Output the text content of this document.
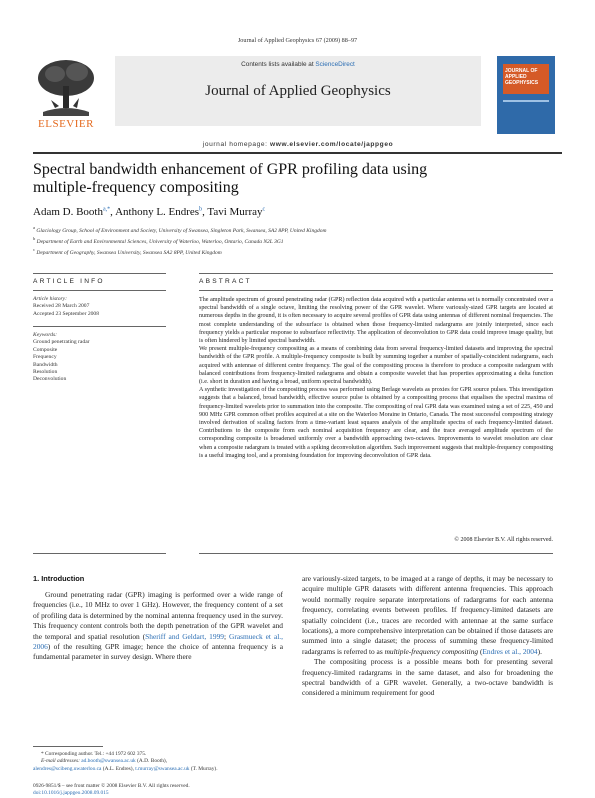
Journal of Applied Geophysics 67 (2009) 88–97
ELSEVIER
Contents lists available at ScienceDirect
Journal of Applied Geophysics
journal homepage: www.elsevier.com/locate/jappgeo
JOURNAL OF
APPLIED
GEOPHYSICS
Spectral bandwidth enhancement of GPR profiling data using
multiple-frequency compositing
Adam D. Booth$^{a,*}$, Anthony L. Endres$^b$, Tavi Murray$^c$
$^a$ Glaciology Group, School of Environment and Society, University of Swansea, Singleton Park, Swansea, SA2 8PP, United Kingdom
$^b$ Department of Earth and Environmental Sciences, University of Waterloo, Waterloo, Ontario, Canada N2L 3G1
$^c$ Department of Geography, Swansea University, Swansea SA2 8PP, United Kingdom
ARTICLE INFO
Article history:
Received 28 March 2007
Accepted 23 September 2008
Keywords:
Ground penetrating radar
Composite
Frequency
Bandwidth
Resolution
Deconvolution
ABSTRACT

The amplitude spectrum of ground penetrating radar (GPR) reflection data acquired with a particular antenna set is normally concentrated over a spectral bandwidth of a single octave, limiting the resolving power of the GPR wavelet. Where variously-sized GPR targets are located at numerous depths in the ground, it is often necessary to acquire several profiles of GPR data using antennas of different nominal frequencies. The most complete understanding of the subsurface is obtained when those frequency-limited radargrams are jointly interpreted, since each frequency yields a particular response to subsurface reflectivity. The application of deconvolution to GPR data could improve image quality, but is often hindered by limited spectral bandwidth.

We present multiple-frequency compositing as a means of combining data from several frequency-limited datasets and improving the spectral bandwidth of the GPR profile. A multiple-frequency composite is built by summing together a number of spatially-coincident radargrams, each acquired with antennae of different centre frequency. The goal of the compositing process is therefore to produce a composite radargram with balanced contributions from frequency-limited radargrams and obtain a composite wavelet that has properties approximating a delta function (i.e. short in duration and having a broad, uniform spectral bandwidth).

A synthetic investigation of the compositing process was performed using Berlage wavelets as proxies for GPR source pulses. This investigation suggests that a balanced, broad bandwidth, effective source pulse is obtained by a compositing process that equalises the spectral maxima of frequency-limited wavelets prior to summation into the composite. The compositing of real GPR data was examined using a set of 225, 450 and 900 MHz GPR common offset profiles acquired at a site on the Waterloo Moraine in Ontario, Canada. The most successful compositing strategy involved derivation of scaling factors from a time-variant least squares analysis of the amplitude spectra of each frequency-limited dataset. Contributions to the composite from each nominal acquisition frequency are clear, and the trace averaged amplitude spectrum of the corresponding composite is broadened uniformly over a bandwidth approaching two-octaves. Improvements to wavelet resolution are clear when a composite radargram is treated with a spiking deconvolution algorithm. Such improvement suggests that multiple-frequency compositing is a useful imaging tool, and a promising foundation for improving deconvolution of GPR data.

© 2008 Elsevier B.V. All rights reserved.
1. Introduction

Ground penetrating radar (GPR) imaging is performed over a wide range of frequencies (i.e., 10 MHz to over 1 GHz). However, the frequency content of a set of profiling data is determined by the nominal antenna frequency used in the survey. This frequency content controls both the depth penetration of the GPR wavelet and the temporal and spatial resolution (Sheriff and Geldart, 1999; Grasmueck et al., 2006) of the resulting GPR image; hence the choice of antenna frequency is a fundamental parameter in survey design. Where there

are variously-sized targets, to be imaged at a range of depths, it may be necessary to acquire multiple GPR datasets with different antenna frequencies. This approach would normally require separate interpretations of radargrams for each antenna frequency, correlating events between profiles. If frequency-limited datasets are spatially coincident (i.e., traces are recorded with antennae at the same surface locations), a more comprehensive interpretation can be obtained if those datasets are summed into a single dataset; the process of summing these frequency-limited radargrams is referred to as multiple-frequency compositing (Endres et al., 2004).

The compositing process is a possible means both for presenting several frequency-limited radargrams in the same dataset, and also for broadening the spectral bandwidth of a GPR wavelet. Generally, a two-octave bandwidth is considered a minimum requirement for good

* Corresponding author. Tel.: +44 1972 602 375.
E-mail addresses: ad.booth@swansea.ac.uk (A.D. Booth),
alendres@scibeng.uwaterloo.ca (A.L. Endres), t.murray@swansea.ac.uk (T. Murray).
0926-9851/$ – see front matter © 2008 Elsevier B.V. All rights reserved.
doi:10.1016/j.jappgeo.2008.09.015
